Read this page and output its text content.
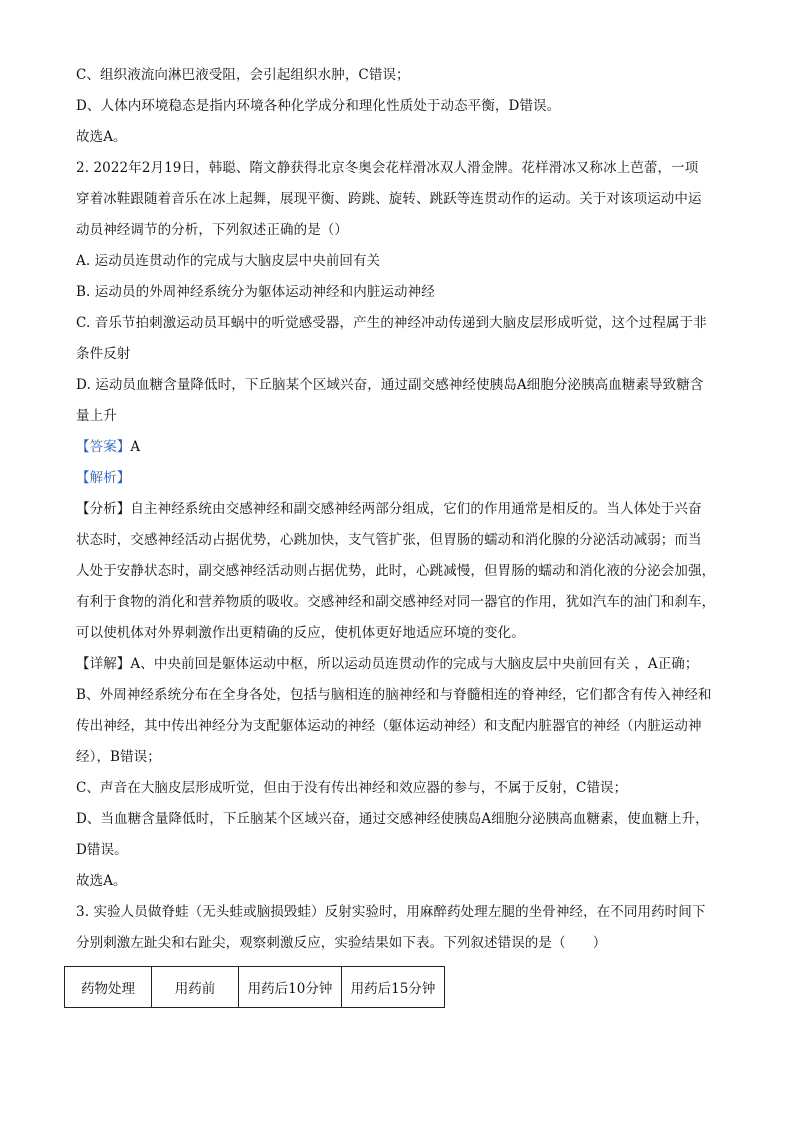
C、组织液流向淋巴液受阻，会引起组织水肿，C错误；
D、人体内环境稳态是指内环境各种化学成分和理化性质处于动态平衡，D错误。
故选A。
2. 2022年2月19日，韩聪、隋文静获得北京冬奥会花样滑冰双人滑金牌。花样滑冰又称冰上芭蕾，一项
穿着冰鞋跟随着音乐在冰上起舞，展现平衡、跨跳、旋转、跳跃等连贯动作的运动。关于对该项运动中运
动员神经调节的分析，下列叙述正确的是（）
A. 运动员连贯动作的完成与大脑皮层中央前回有关
B. 运动员的外周神经系统分为躯体运动神经和内脏运动神经
C. 音乐节拍刺激运动员耳蜗中的听觉感受器，产生的神经冲动传递到大脑皮层形成听觉，这个过程属于非
条件反射
D. 运动员血糖含量降低时，下丘脑某个区域兴奋，通过副交感神经使胰岛A细胞分泌胰高血糖素导致糖含
量上升
【答案】A
【解析】
【分析】自主神经系统由交感神经和副交感神经两部分组成，它们的作用通常是相反的。当人体处于兴奋
状态时，交感神经活动占据优势，心跳加快，支气管扩张，但胃肠的蠕动和消化腺的分泌活动减弱；而当
人处于安静状态时，副交感神经活动则占据优势，此时，心跳减慢，但胃肠的蠕动和消化液的分泌会加强，
有利于食物的消化和营养物质的吸收。交感神经和副交感神经对同一器官的作用，犹如汽车的油门和刹车，
可以使机体对外界刺激作出更精确的反应，使机体更好地适应环境的变化。
【详解】A、中央前回是躯体运动中枢，所以运动员连贯动作的完成与大脑皮层中央前回有关 ，A正确；
B、外周神经系统分布在全身各处，包括与脑相连的脑神经和与脊髓相连的脊神经，它们都含有传入神经和
传出神经，其中传出神经分为支配躯体运动的神经（躯体运动神经）和支配内脏器官的神经（内脏运动神
经），B错误；
C、声音在大脑皮层形成听觉，但由于没有传出神经和效应器的参与，不属于反射，C错误；
D、当血糖含量降低时，下丘脑某个区域兴奋，通过交感神经使胰岛A细胞分泌胰高血糖素，使血糖上升，
D错误。
故选A。
3. 实验人员做脊蛙（无头蛙或脑损毁蛙）反射实验时，用麻醉药处理左腿的坐骨神经，在不同用药时间下
分别刺激左趾尖和右趾尖，观察刺激反应，实验结果如下表。下列叙述错误的是（　　）
药物处理	用药前	用药后10分钟	用药后15分钟
